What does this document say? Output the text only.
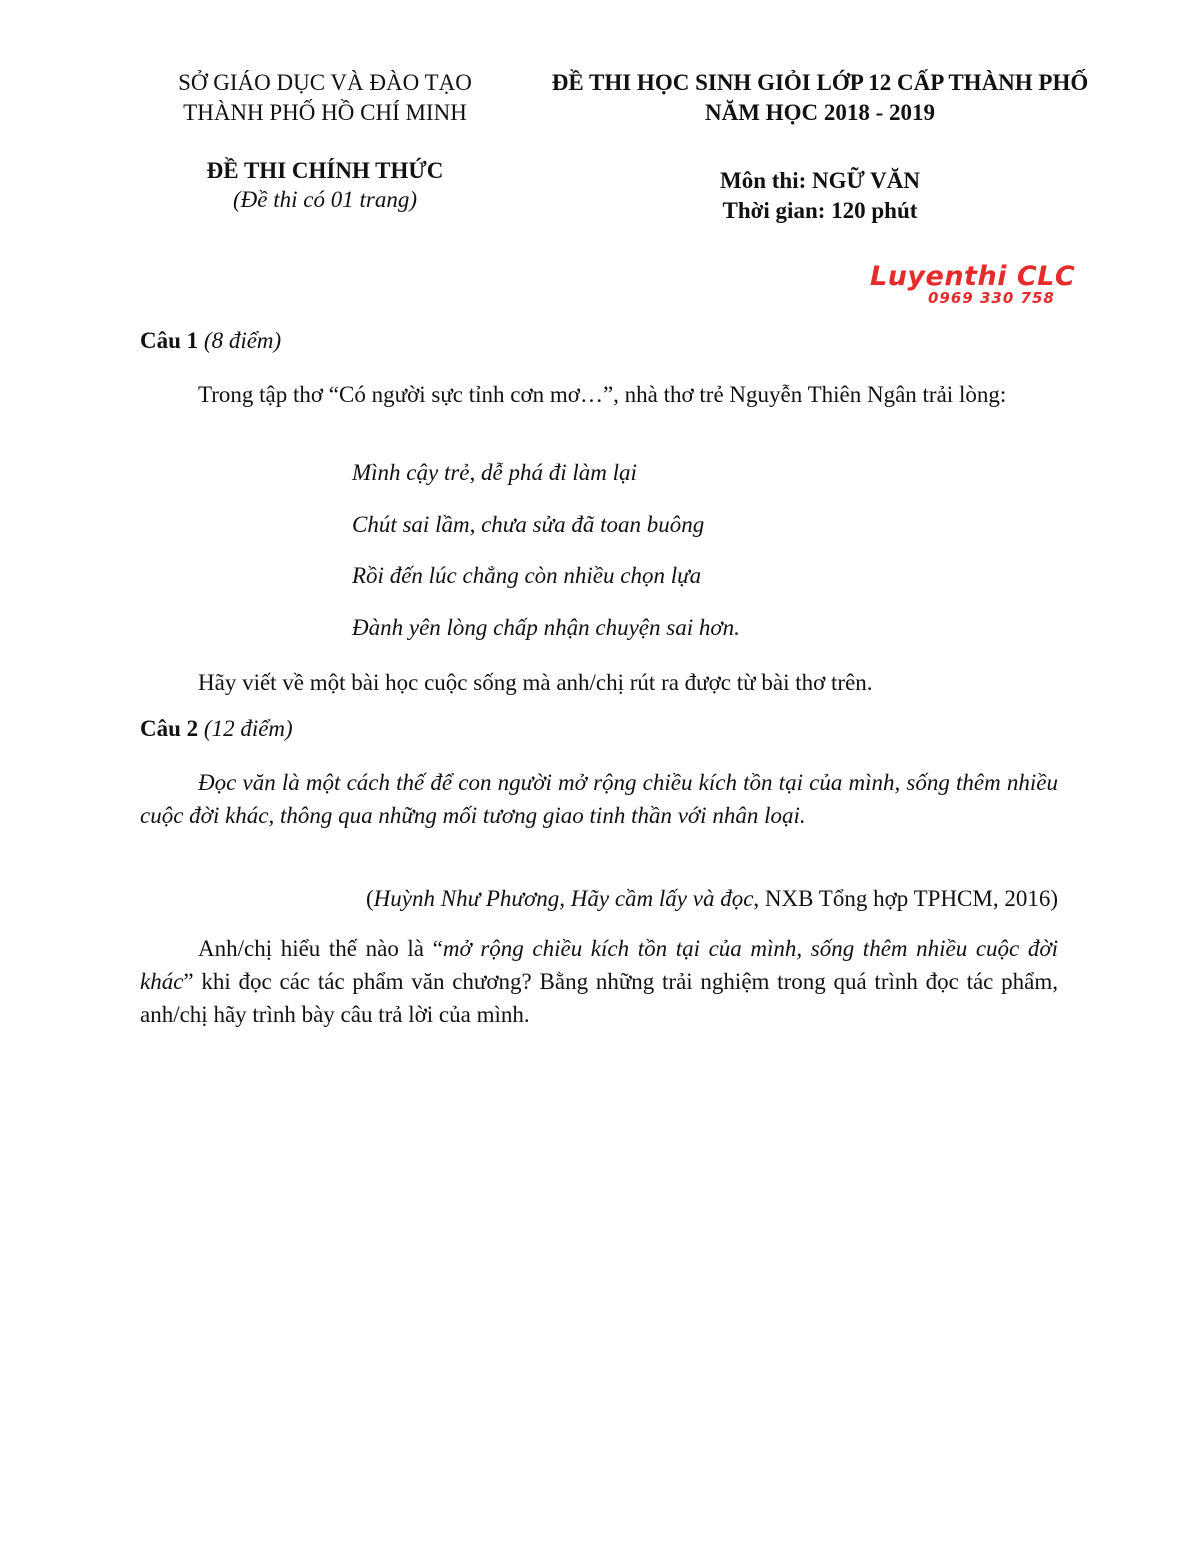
SỞ GIÁO DỤC VÀ ĐÀO TẠO
THÀNH PHỐ HỒ CHÍ MINH
ĐỀ THI CHÍNH THỨC
(Đề thi có 01 trang)
ĐỀ THI HỌC SINH GIỎI LỚP 12 CẤP THÀNH PHỐ
NĂM HỌC 2018 - 2019
Môn thi: NGỮ VĂN
Thời gian: 120 phút
Luyenthi CLC
0969 330 758
Câu 1 (8 điểm)
Trong tập thơ “Có người sực tỉnh cơn mơ…”, nhà thơ trẻ Nguyễn Thiên Ngân trải lòng:
Mình cậy trẻ, dễ phá đi làm lại
Chút sai lầm, chưa sửa đã toan buông
Rồi đến lúc chẳng còn nhiều chọn lựa
Đành yên lòng chấp nhận chuyện sai hơn.
Hãy viết về một bài học cuộc sống mà anh/chị rút ra được từ bài thơ trên.
Câu 2 (12 điểm)
Đọc văn là một cách thế để con người mở rộng chiều kích tồn tại của mình, sống thêm nhiều cuộc đời khác, thông qua những mối tương giao tinh thần với nhân loại.
(Huỳnh Như Phương, Hãy cầm lấy và đọc, NXB Tổng hợp TPHCM, 2016)
Anh/chị hiểu thế nào là “mở rộng chiều kích tồn tại của mình, sống thêm nhiều cuộc đời khác” khi đọc các tác phẩm văn chương? Bằng những trải nghiệm trong quá trình đọc tác phẩm, anh/chị hãy trình bày câu trả lời của mình.
